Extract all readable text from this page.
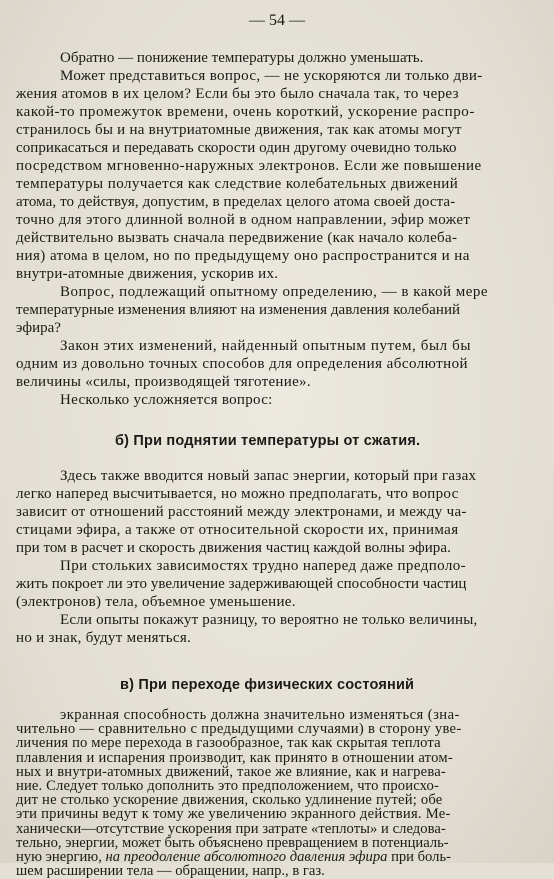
— 54 —
Обратно — понижение температуры должно уменьшать.
Может представиться вопрос, — не ускоряются ли только дви-
жения атомов в их целом? Если бы это было сначала так, то через
какой-то промежуток времени, очень короткий, ускорение распро-
странилось бы и на внутриатомные движения, так как атомы могут
соприкасаться и передавать скорости один другому очевидно только
посредством мгновенно-наружных электронов. Если же повышение
температуры получается как следствие колебательных движений
атома, то действуя, допустим, в пределах целого атома своей доста-
точно для этого длинной волной в одном направлении, эфир может
действительно вызвать сначала передвижение (как начало колеба-
ния) атома в целом, но по предыдущему оно распространится и на
внутри-атомные движения, ускорив их.
Вопрос, подлежащий опытному определению, — в какой мере
температурные изменения влияют на изменения давления колебаний
эфира?
Закон этих изменений, найденный опытным путем, был бы
одним из довольно точных способов для определения абсолютной
величины «силы, производящей тяготение».
Несколько усложняется вопрос:
б) При поднятии температуры от сжатия.
Здесь также вводится новый запас энергии, который при газах
легко наперед высчитывается, но можно предполагать, что вопрос
зависит от отношений расстояний между электронами, и между ча-
стицами эфира, а также от относительной скорости их, принимая
при том в расчет и скорость движения частиц каждой волны эфира.
При стольких зависимостях трудно наперед даже предполо-
жить покроет ли это увеличение задерживающей способности частиц
(электронов) тела, объемное уменьшение.
Если опыты покажут разницу, то вероятно не только величины,
но и знак, будут меняться.
в) При переходе физических состояний
экранная способность должна значительно изменяться (зна-
чительно — сравнительно с предыдущими случаями) в сторону уве-
личения по мере перехода в газообразное, так как скрытая теплота
плавления и испарения производит, как принято в отношении атом-
ных и внутри-атомных движений, такое же влияние, как и нагрева-
ние. Следует только дополнить это предположением, что происхо-
дит не столько ускорение движения, сколько удлинение путей; обе
эти причины ведут к тому же увеличению экранного действия. Ме-
ханически—отсутствие ускорения при затрате «теплоты» и следова-
тельно, энергии, может быть объяснено превращением в потенциаль-
ную энергию, на преодоление абсолютного давления эфира при боль-
шем расширении тела — обращении, напр., в газ.
